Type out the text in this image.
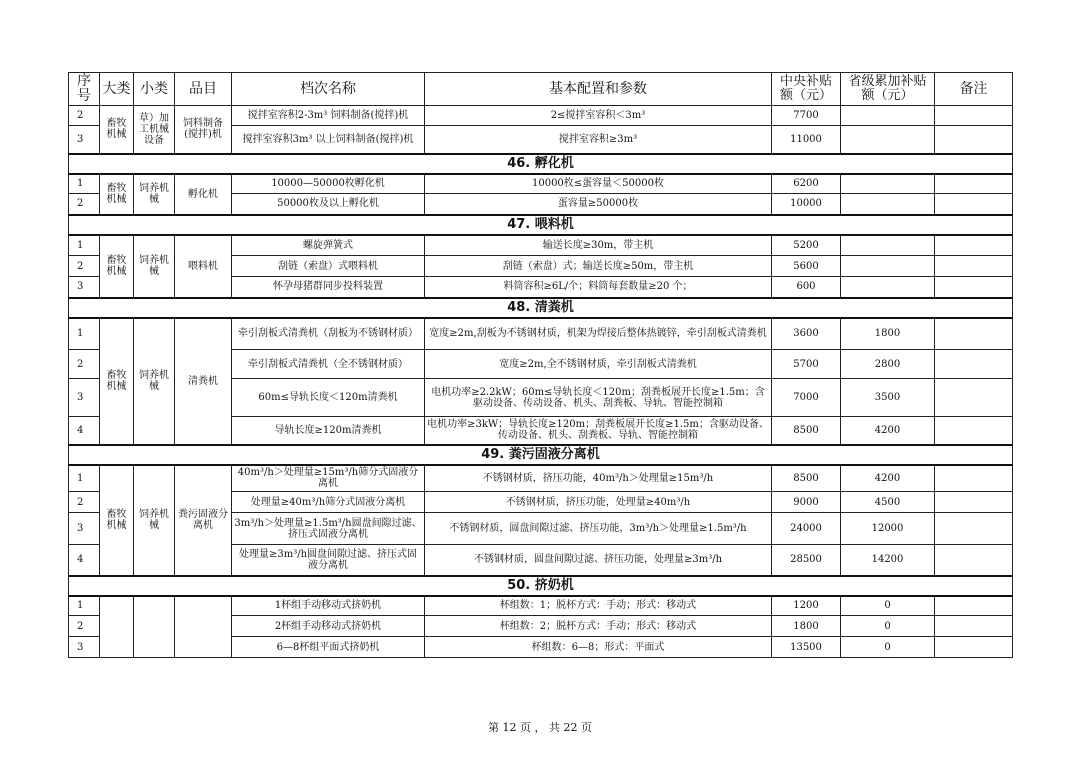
序号	大类	小类	品目	档次名称	基本配置和参数	中央补贴额（元）	省级累加补贴额（元）	备注
2	畜牧机械	草）加工机械设备	饲料制备(搅拌)机	搅拌室容积2-3m³ 饲料制备(搅拌)机	2≤搅拌室容积＜3m³	7700		
3				搅拌室容积3m³ 以上饲料制备(搅拌)机	搅拌室容积≥3m³	11000		
46. 孵化机								
1	畜牧机械	饲养机械	孵化机	10000—50000枚孵化机	10000枚≤蛋容量＜50000枚	6200		
2				50000枚及以上孵化机	蛋容量≥50000枚	10000		
47. 喂料机								
1	畜牧机械	饲养机械	喂料机	螺旋弹簧式	输送长度≥30m，带主机	5200		
2				刮链（索盘）式喂料机	刮链（索盘）式；输送长度≥50m，带主机	5600		
3				怀孕母猪群同步投料装置	料筒容积≥6L/个；料筒每套数量≥20 个；	600		
48. 清粪机								
1	畜牧机械	饲养机械	清粪机	牵引刮板式清粪机（刮板为不锈钢材质）	宽度≥2m,刮板为不锈钢材质，机架为焊接后整体热镀锌，牵引刮板式清粪机	3600	1800	
2				牵引刮板式清粪机（全不锈钢材质）	宽度≥2m,全不锈钢材质，牵引刮板式清粪机	5700	2800	
3				60m≤导轨长度＜120m清粪机	电机功率≥2.2kW；60m≤导轨长度＜120m；刮粪板展开长度≥1.5m；含驱动设备、传动设备、机头、刮粪板、导轨、智能控制箱	7000	3500	
4				导轨长度≥120m清粪机	电机功率≥3kW；导轨长度≥120m；刮粪板展开长度≥1.5m；含驱动设备、传动设备、机头、刮粪板、导轨、智能控制箱	8500	4200	
49. 粪污固液分离机								
1	畜牧机械	饲养机械	粪污固液分离机	40m³/h＞处理量≥15m³/h筛分式固液分离机	不锈钢材质，挤压功能，40m³/h＞处理量≥15m³/h	8500	4200	
2				处理量≥40m³/h筛分式固液分离机	不锈钢材质，挤压功能，处理量≥40m³/h	9000	4500	
3				3m³/h＞处理量≥1.5m³/h圆盘间隙过滤、挤压式固液分离机	不锈钢材质，圆盘间隙过滤、挤压功能，3m³/h＞处理量≥1.5m³/h	24000	12000	
4				处理量≥3m³/h圆盘间隙过滤、挤压式固液分离机	不锈钢材质，圆盘间隙过滤、挤压功能，处理量≥3m³/h	28500	14200	
50. 挤奶机								
1				1杯组手动移动式挤奶机	杯组数：1；脱杯方式：手动；形式：移动式	1200	0	
2				2杯组手动移动式挤奶机	杯组数：2；脱杯方式：手动；形式：移动式	1800	0	
3				6—8杯组平面式挤奶机	杯组数：6—8；形式：平面式	13500	0	
第 12 页 ， 共 22 页
